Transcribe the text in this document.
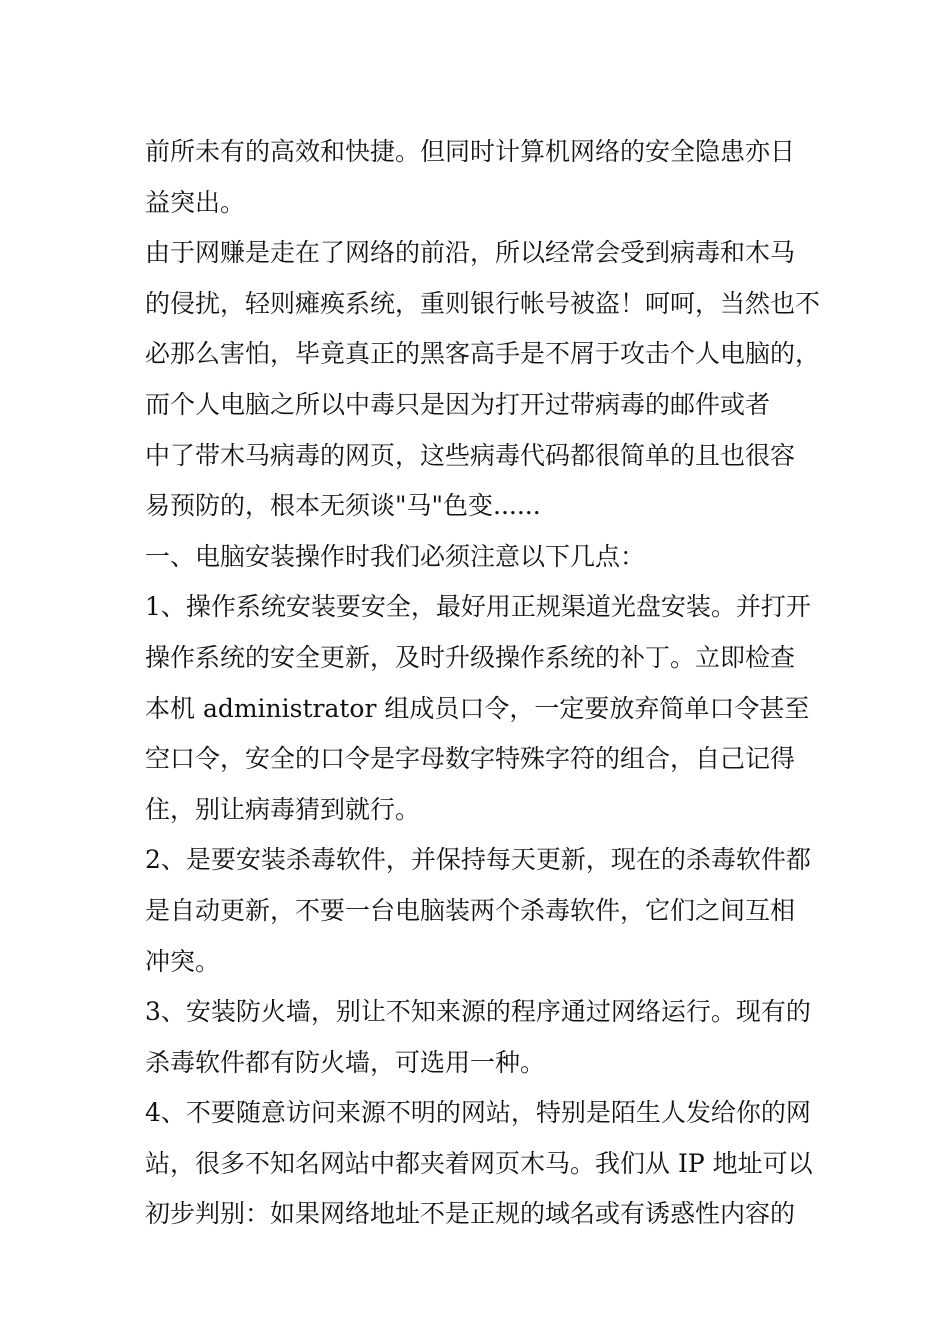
前所未有的高效和快捷。但同时计算机网络的安全隐患亦日
益突出。
由于网赚是走在了网络的前沿，所以经常会受到病毒和木马
的侵扰，轻则瘫痪系统，重则银行帐号被盗！呵呵，当然也不
必那么害怕，毕竟真正的黑客高手是不屑于攻击个人电脑的，
而个人电脑之所以中毒只是因为打开过带病毒的邮件或者
中了带木马病毒的网页，这些病毒代码都很简单的且也很容
易预防的，根本无须谈"马"色变......
一、电脑安装操作时我们必须注意以下几点：
1、操作系统安装要安全，最好用正规渠道光盘安装。并打开
操作系统的安全更新，及时升级操作系统的补丁。立即检查
本机 administrator 组成员口令，一定要放弃简单口令甚至
空口令，安全的口令是字母数字特殊字符的组合，自己记得
住，别让病毒猜到就行。
2、是要安装杀毒软件，并保持每天更新，现在的杀毒软件都
是自动更新，不要一台电脑装两个杀毒软件，它们之间互相
冲突。
3、安装防火墙，别让不知来源的程序通过网络运行。现有的
杀毒软件都有防火墙，可选用一种。
4、不要随意访问来源不明的网站，特别是陌生人发给你的网
站，很多不知名网站中都夹着网页木马。我们从 IP 地址可以
初步判别：如果网络地址不是正规的域名或有诱惑性内容的
